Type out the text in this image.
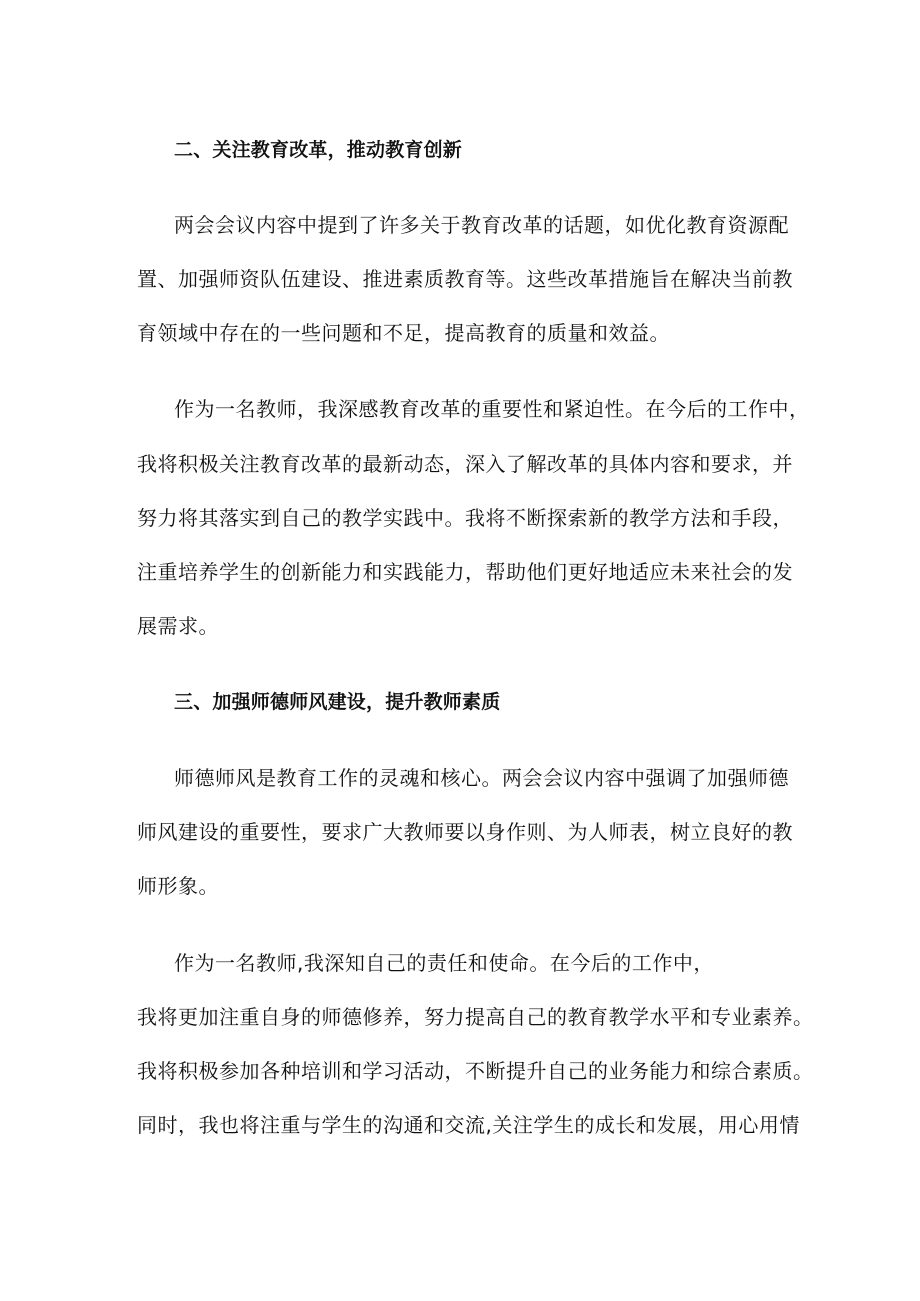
二、关注教育改革，推动教育创新
两会会议内容中提到了许多关于教育改革的话题，如优化教育资源配
置、加强师资队伍建设、推进素质教育等。这些改革措施旨在解决当前教
育领域中存在的一些问题和不足，提高教育的质量和效益。
作为一名教师，我深感教育改革的重要性和紧迫性。在今后的工作中，
我将积极关注教育改革的最新动态，深入了解改革的具体内容和要求，并
努力将其落实到自己的教学实践中。我将不断探索新的教学方法和手段，
注重培养学生的创新能力和实践能力，帮助他们更好地适应未来社会的发
展需求。
三、加强师德师风建设，提升教师素质
师德师风是教育工作的灵魂和核心。两会会议内容中强调了加强师德
师风建设的重要性，要求广大教师要以身作则、为人师表，树立良好的教
师形象。
作为一名教师,我深知自己的责任和使命。在今后的工作中，
我将更加注重自身的师德修养，努力提高自己的教育教学水平和专业素养。
我将积极参加各种培训和学习活动，不断提升自己的业务能力和综合素质。
同时，我也将注重与学生的沟通和交流,关注学生的成长和发展，用心用情
